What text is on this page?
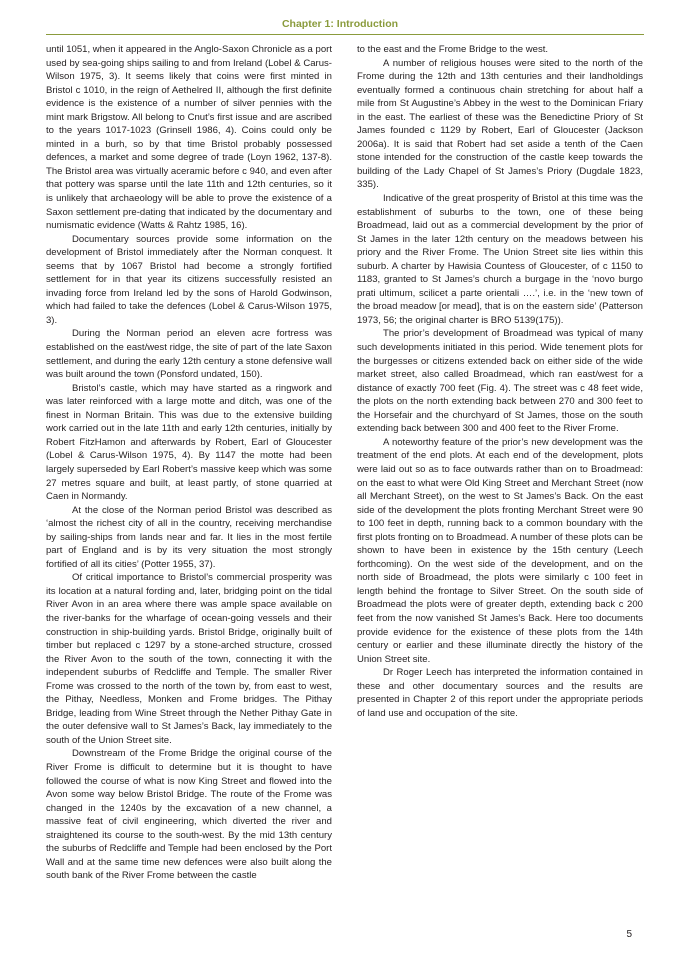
Chapter 1: Introduction

until 1051, when it appeared in the Anglo-Saxon Chronicle as a port used by sea-going ships sailing to and from Ireland (Lobel & Carus-Wilson 1975, 3). It seems likely that coins were first minted in Bristol c 1010, in the reign of Aethelred II, although the first definite evidence is the existence of a number of silver pennies with the mint mark Brigstow. All belong to Cnut’s first issue and are ascribed to the years 1017-1023 (Grinsell 1986, 4). Coins could only be minted in a burh, so by that time Bristol probably possessed defences, a market and some degree of trade (Loyn 1962, 137-8). The Bristol area was virtually aceramic before c 940, and even after that pottery was sparse until the late 11th and 12th centuries, so it is unlikely that archaeology will be able to prove the existence of a Saxon settlement pre-dating that indicated by the documentary and numismatic evidence (Watts & Rahtz 1985, 16).

Documentary sources provide some information on the development of Bristol immediately after the Norman conquest. It seems that by 1067 Bristol had become a strongly fortified settlement for in that year its citizens successfully resisted an invading force from Ireland led by the sons of Harold Godwinson, which had failed to take the defences (Lobel & Carus-Wilson 1975, 3).

During the Norman period an eleven acre fortress was established on the east/west ridge, the site of part of the late Saxon settlement, and during the early 12th century a stone defensive wall was built around the town (Ponsford undated, 150).

Bristol’s castle, which may have started as a ringwork and was later reinforced with a large motte and ditch, was one of the finest in Norman Britain. This was due to the extensive building work carried out in the late 11th and early 12th centuries, initially by Robert FitzHamon and afterwards by Robert, Earl of Gloucester (Lobel & Carus-Wilson 1975, 4). By 1147 the motte had been largely superseded by Earl Robert’s massive keep which was some 27 metres square and built, at least partly, of stone quarried at Caen in Normandy.

At the close of the Norman period Bristol was described as ‘almost the richest city of all in the country, receiving merchandise by sailing-ships from lands near and far. It lies in the most fertile part of England and is by its very situation the most strongly fortified of all its cities’ (Potter 1955, 37).

Of critical importance to Bristol’s commercial prosperity was its location at a natural fording and, later, bridging point on the tidal River Avon in an area where there was ample space available on the river-banks for the wharfage of ocean-going vessels and their construction in ship-building yards. Bristol Bridge, originally built of timber but replaced c 1297 by a stone-arched structure, crossed the River Avon to the south of the town, connecting it with the independent suburbs of Redcliffe and Temple. The smaller River Frome was crossed to the north of the town by, from east to west, the Pithay, Needless, Monken and Frome bridges. The Pithay Bridge, leading from Wine Street through the Nether Pithay Gate in the outer defensive wall to St James’s Back, lay immediately to the south of the Union Street site.

Downstream of the Frome Bridge the original course of the River Frome is difficult to determine but it is thought to have followed the course of what is now King Street and flowed into the Avon some way below Bristol Bridge. The route of the Frome was changed in the 1240s by the excavation of a new channel, a massive feat of civil engineering, which diverted the river and straightened its course to the south-west. By the mid 13th century the suburbs of Redcliffe and Temple had been enclosed by the Port Wall and at the same time new defences were also built along the south bank of the River Frome between the castle

to the east and the Frome Bridge to the west.

A number of religious houses were sited to the north of the Frome during the 12th and 13th centuries and their landholdings eventually formed a continuous chain stretching for about half a mile from St Augustine’s Abbey in the west to the Dominican Friary in the east. The earliest of these was the Benedictine Priory of St James founded c 1129 by Robert, Earl of Gloucester (Jackson 2006a). It is said that Robert had set aside a tenth of the Caen stone intended for the construction of the castle keep towards the building of the Lady Chapel of St James’s Priory (Dugdale 1823, 335).

Indicative of the great prosperity of Bristol at this time was the establishment of suburbs to the town, one of these being Broadmead, laid out as a commercial development by the prior of St James in the later 12th century on the meadows between his priory and the River Frome. The Union Street site lies within this suburb. A charter by Hawisia Countess of Gloucester, of c 1150 to 1183, granted to St James’s church a burgage in the ‘novo burgo prati ultimum, scilicet a parte orientali ….’, i.e. in the ‘new town of the broad meadow [or mead], that is on the eastern side’ (Patterson 1973, 56; the original charter is BRO 5139(175)).

The prior’s development of Broadmead was typical of many such developments initiated in this period. Wide tenement plots for the burgesses or citizens extended back on either side of the wide market street, also called Broadmead, which ran east/west for a distance of exactly 700 feet (Fig. 4). The street was c 48 feet wide, the plots on the north extending back between 270 and 300 feet to the Horsefair and the churchyard of St James, those on the south extending back between 300 and 400 feet to the River Frome.

A noteworthy feature of the prior’s new development was the treatment of the end plots. At each end of the development, plots were laid out so as to face outwards rather than on to Broadmead: on the east to what were Old King Street and Merchant Street (now all Merchant Street), on the west to St James’s Back. On the east side of the development the plots fronting Merchant Street were 90 to 100 feet in depth, running back to a common boundary with the first plots fronting on to Broadmead. A number of these plots can be shown to have been in existence by the 15th century (Leech forthcoming). On the west side of the development, and on the north side of Broadmead, the plots were similarly c 100 feet in length behind the frontage to Silver Street. On the south side of Broadmead the plots were of greater depth, extending back c 200 feet from the now vanished St James’s Back. Here too documents provide evidence for the existence of these plots from the 14th century or earlier and these illuminate directly the history of the Union Street site.

Dr Roger Leech has interpreted the information contained in these and other documentary sources and the results are presented in Chapter 2 of this report under the appropriate periods of land use and occupation of the site.

5
